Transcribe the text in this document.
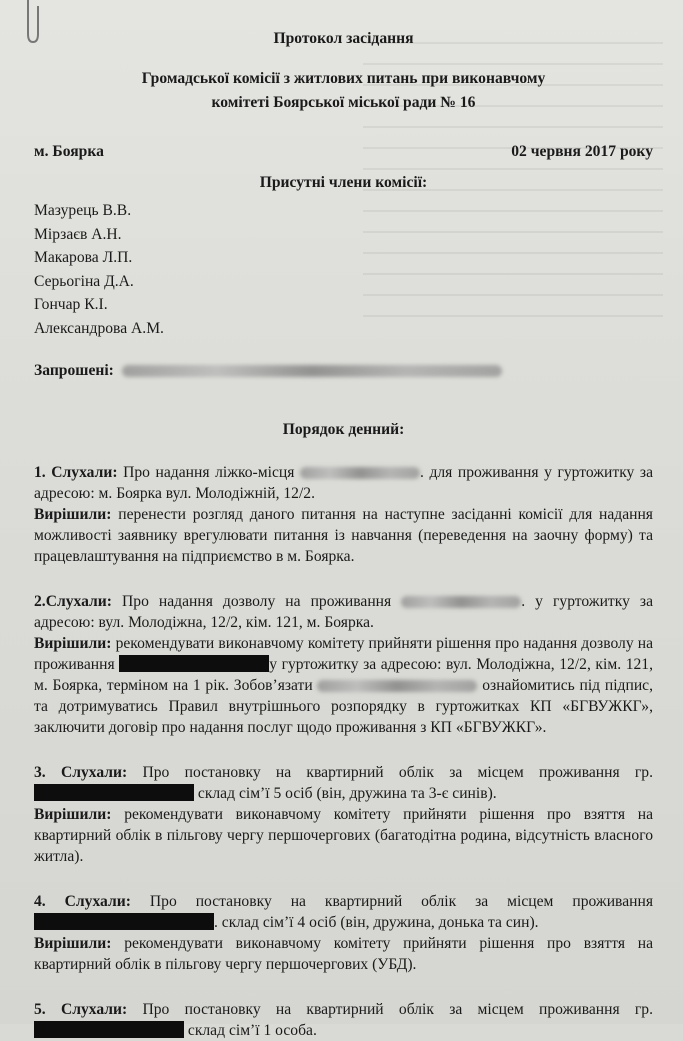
Протокол засідання
Громадської комісії з житлових питань при виконавчому
комітеті Боярської міської ради № 16
м. Боярка	02 червня 2017 року
Присутні члени комісії:
Мазурець В.В.
Мірзаєв А.Н.
Макарова Л.П.
Серьогіна Д.А.
Гончар К.І.
Александрова А.М.
Запрошені:
Порядок денний:

1. Слухали: Про надання ліжко-місця	. для проживання у гуртожитку за адресою: м. Боярка вул. Молодіжній, 12/2.

Вирішили: перенести розгляд даного питання на наступне засіданні комісії для надання можливості заявнику врегулювати питання із навчання (переведення на заочну форму) та працевлаштування на підприємство в м. Боярка.

2.Слухали: Про надання дозволу на проживання	. у гуртожитку за адресою: вул. Молодіжна, 12/2, кім. 121, м. Боярка.

Вирішили: рекомендувати виконавчому комітету прийняти рішення про надання дозволу на проживання	у гуртожитку за адресою: вул. Молодіжна, 12/2, кім. 121, м. Боярка, терміном на 1 рік. Зобов’язати	ознайомитись під підпис, та дотримуватись Правил внутрішнього розпорядку в гуртожитках КП «БГВУЖКГ», заключити договір про надання послуг щодо проживання з КП «БГВУЖКГ».

3. Слухали: Про постановку на квартирний облік за місцем проживання гр.  склад сім’ї 5 осіб (він, дружина та 3-є синів).

Вирішили: рекомендувати виконавчому комітету прийняти рішення про взяття на квартирний облік в пільгову чергу першочергових (багатодітна родина, відсутність власного житла).

4. Слухали: Про постановку на квартирний облік за місцем проживання . склад сім’ї 4 осіб (він, дружина, донька та син).

Вирішили: рекомендувати виконавчому комітету прийняти рішення про взяття на квартирний облік в пільгову чергу першочергових (УБД).

5. Слухали: Про постановку на квартирний облік за місцем проживання гр.  склад сім’ї 1 особа.
